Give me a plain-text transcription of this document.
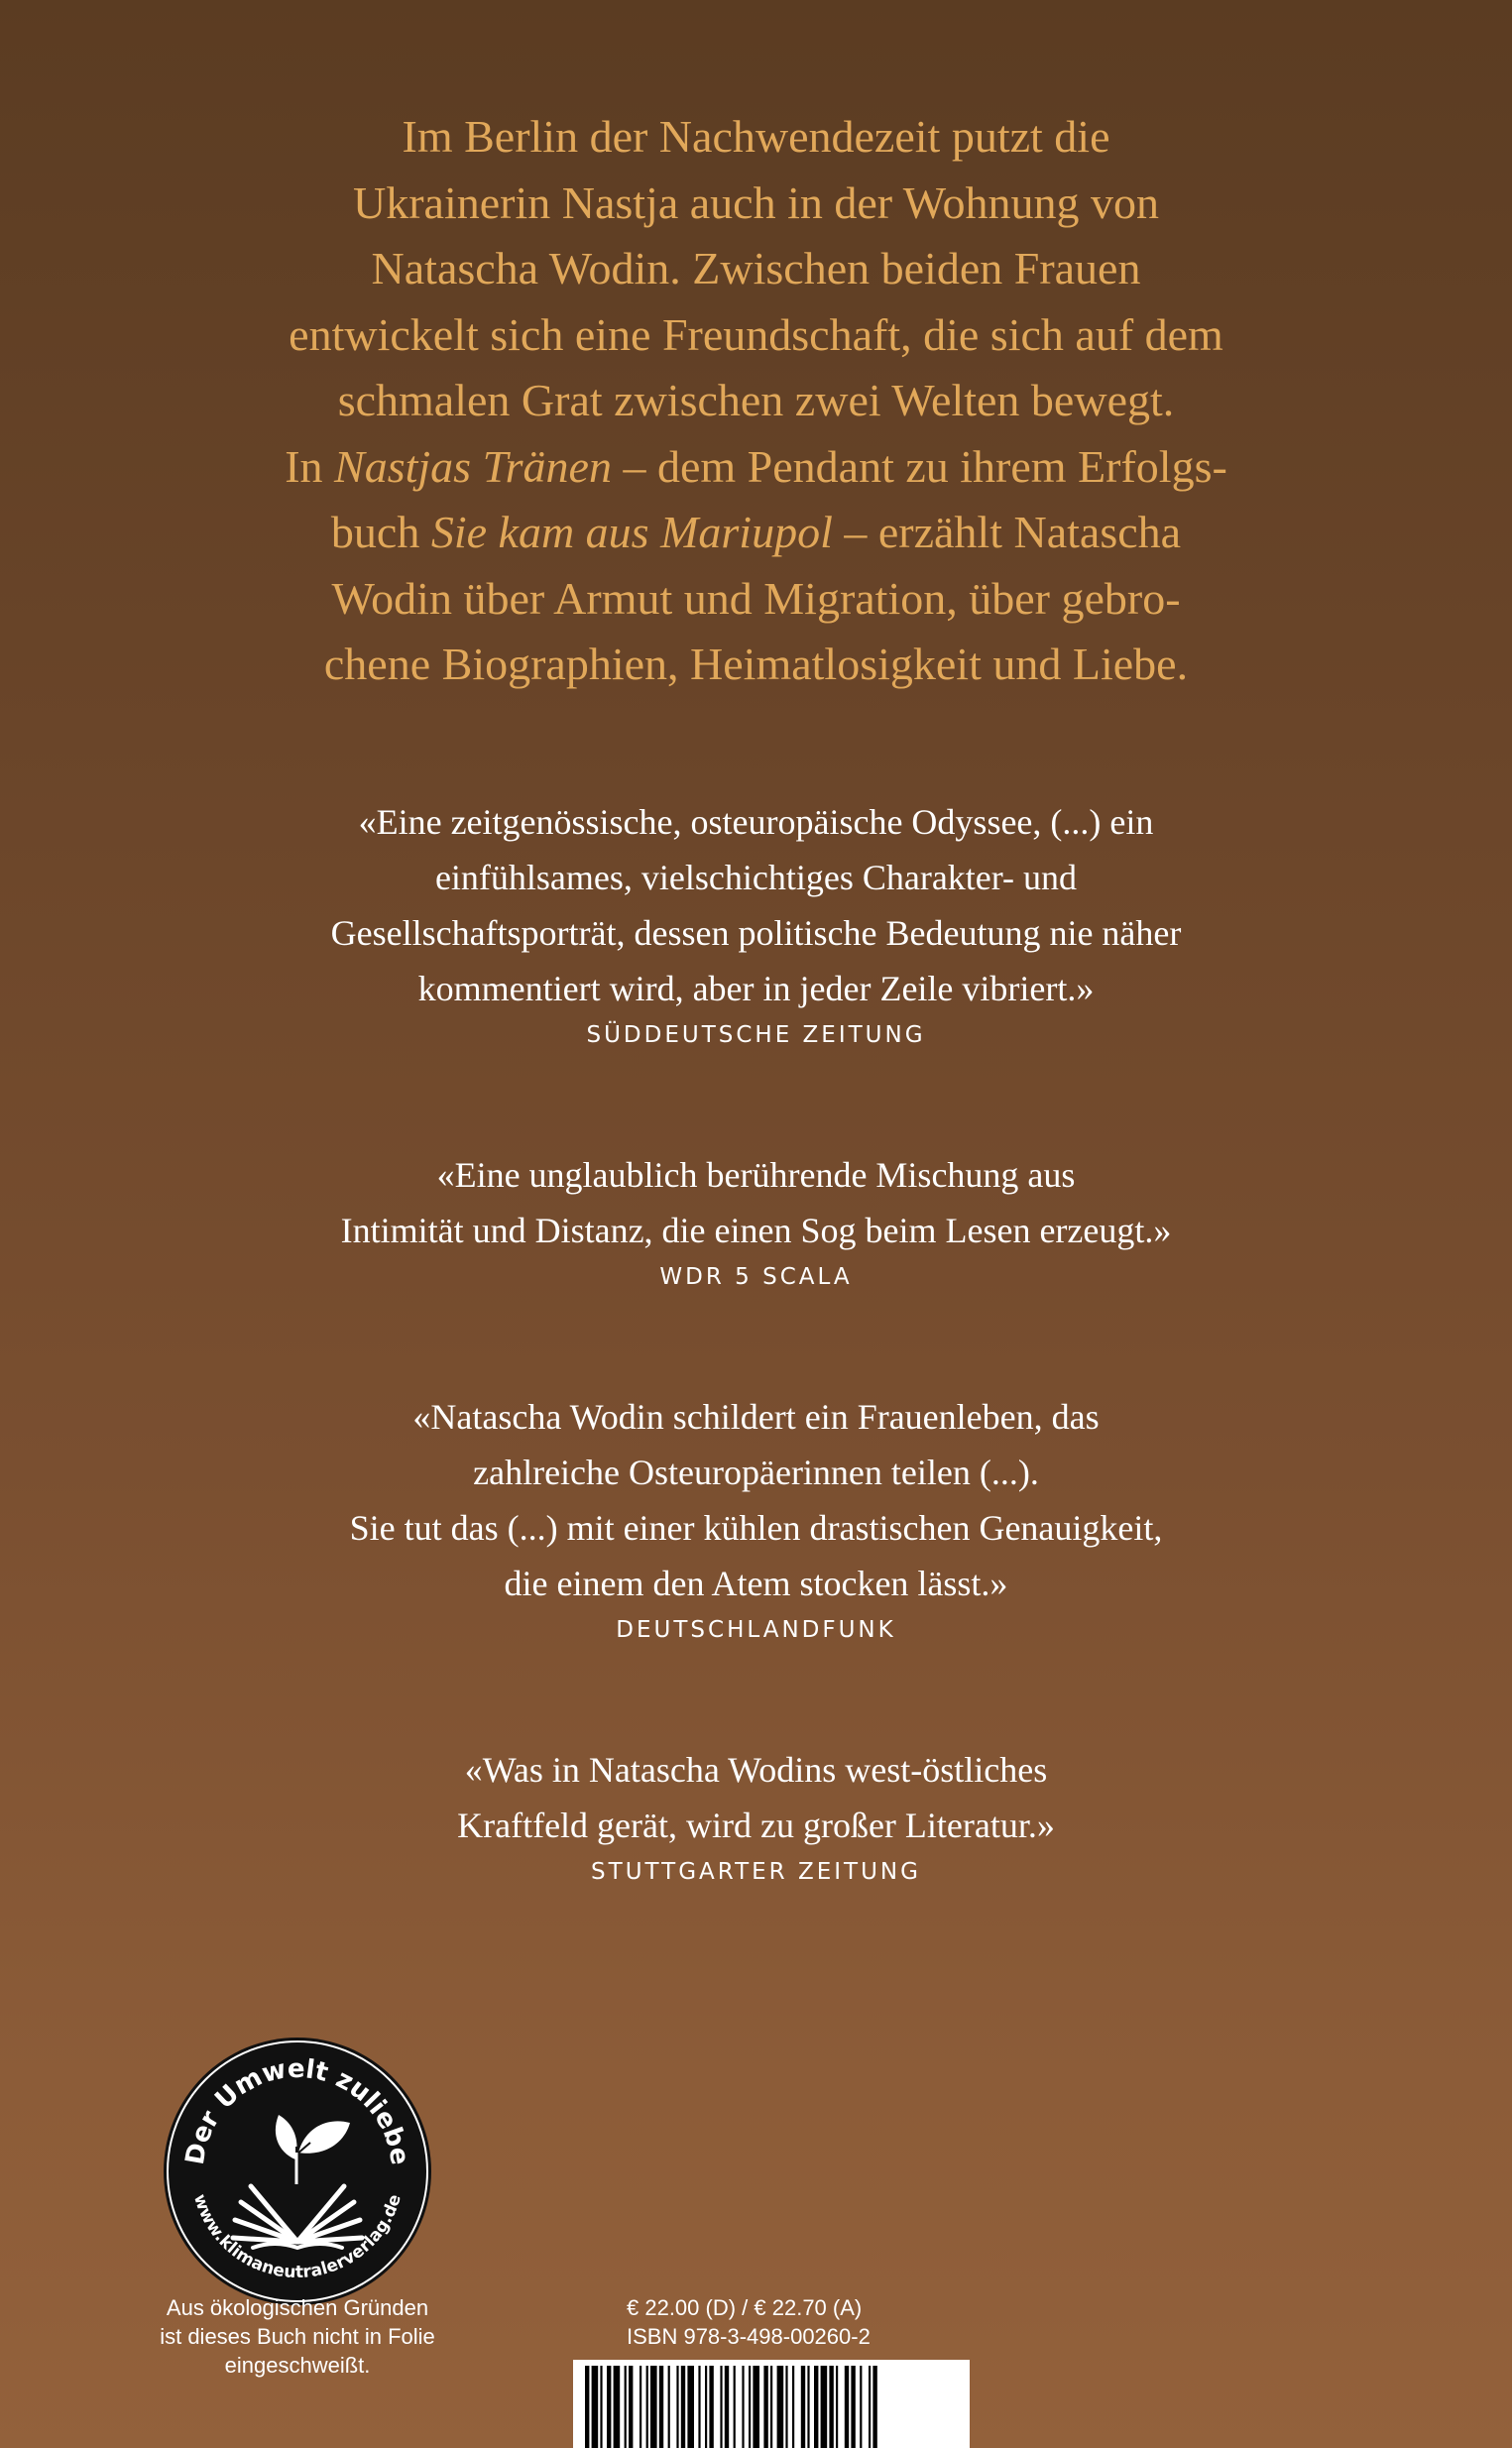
Im Berlin der Nachwendezeit putzt die
Ukrainerin Nastja auch in der Wohnung von
Natascha Wodin. Zwischen beiden Frauen
entwickelt sich eine Freundschaft, die sich auf dem
schmalen Grat zwischen zwei Welten bewegt.
In Nastjas Tränen – dem Pendant zu ihrem Erfolgs-
buch Sie kam aus Mariupol – erzählt Natascha
Wodin über Armut und Migration, über gebro-
chene Biographien, Heimatlosigkeit und Liebe.
«Eine zeitgenössische, osteuropäische Odyssee, (...) ein
einfühlsames, vielschichtiges Charakter- und
Gesellschaftsporträt, dessen politische Bedeutung nie näher
kommentiert wird, aber in jeder Zeile vibriert.»
SÜDDEUTSCHE ZEITUNG
«Eine unglaublich berührende Mischung aus
Intimität und Distanz, die einen Sog beim Lesen erzeugt.»
WDR 5 SCALA
«Natascha Wodin schildert ein Frauenleben, das
zahlreiche Osteuropäerinnen teilen (...).
Sie tut das (...) mit einer kühlen drastischen Genauigkeit,
die einem den Atem stocken lässt.»
DEUTSCHLANDFUNK
«Was in Natascha Wodins west-östliches
Kraftfeld gerät, wird zu großer Literatur.»
STUTTGARTER ZEITUNG
Der Umwelt zuliebe
www.klimaneutralerverlag.de
Aus ökologischen Gründen
ist dieses Buch nicht in Folie
eingeschweißt.
€ 22.00 (D) / € 22.70 (A)
ISBN 978-3-498-00260-2
